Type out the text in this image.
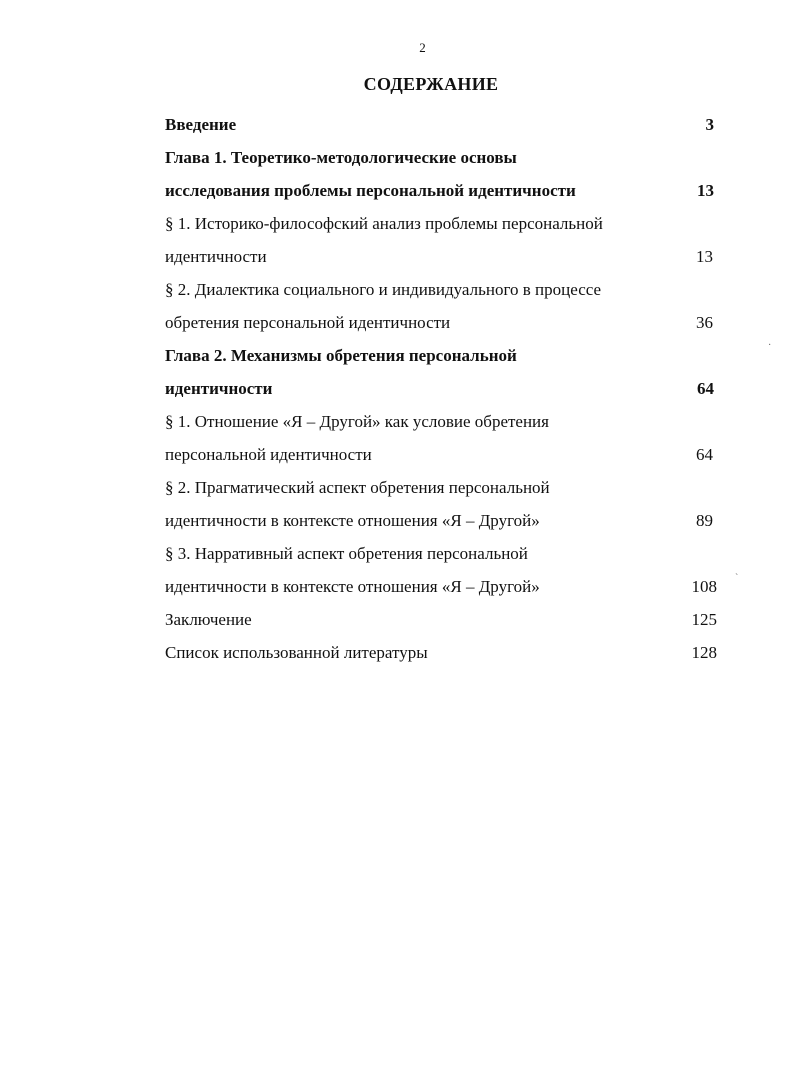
2
СОДЕРЖАНИЕ
Введение	3
Глава 1. Теоретико-методологические основы
исследования проблемы персональной идентичности	13
§ 1. Историко-философский анализ проблемы персональной
идентичности	13
§ 2. Диалектика социального и индивидуального в процессе
обретения персональной идентичности	36
Глава 2. Механизмы обретения персональной
идентичности	64
§ 1. Отношение «Я – Другой» как условие обретения
персональной идентичности	64
§ 2. Прагматический аспект обретения персональной
идентичности в контексте отношения «Я – Другой»	89
§ 3. Нарративный аспект обретения персональной
идентичности в контексте отношения «Я – Другой»	108
Заключение	125
Список использованной литературы	128
·
ˋ
